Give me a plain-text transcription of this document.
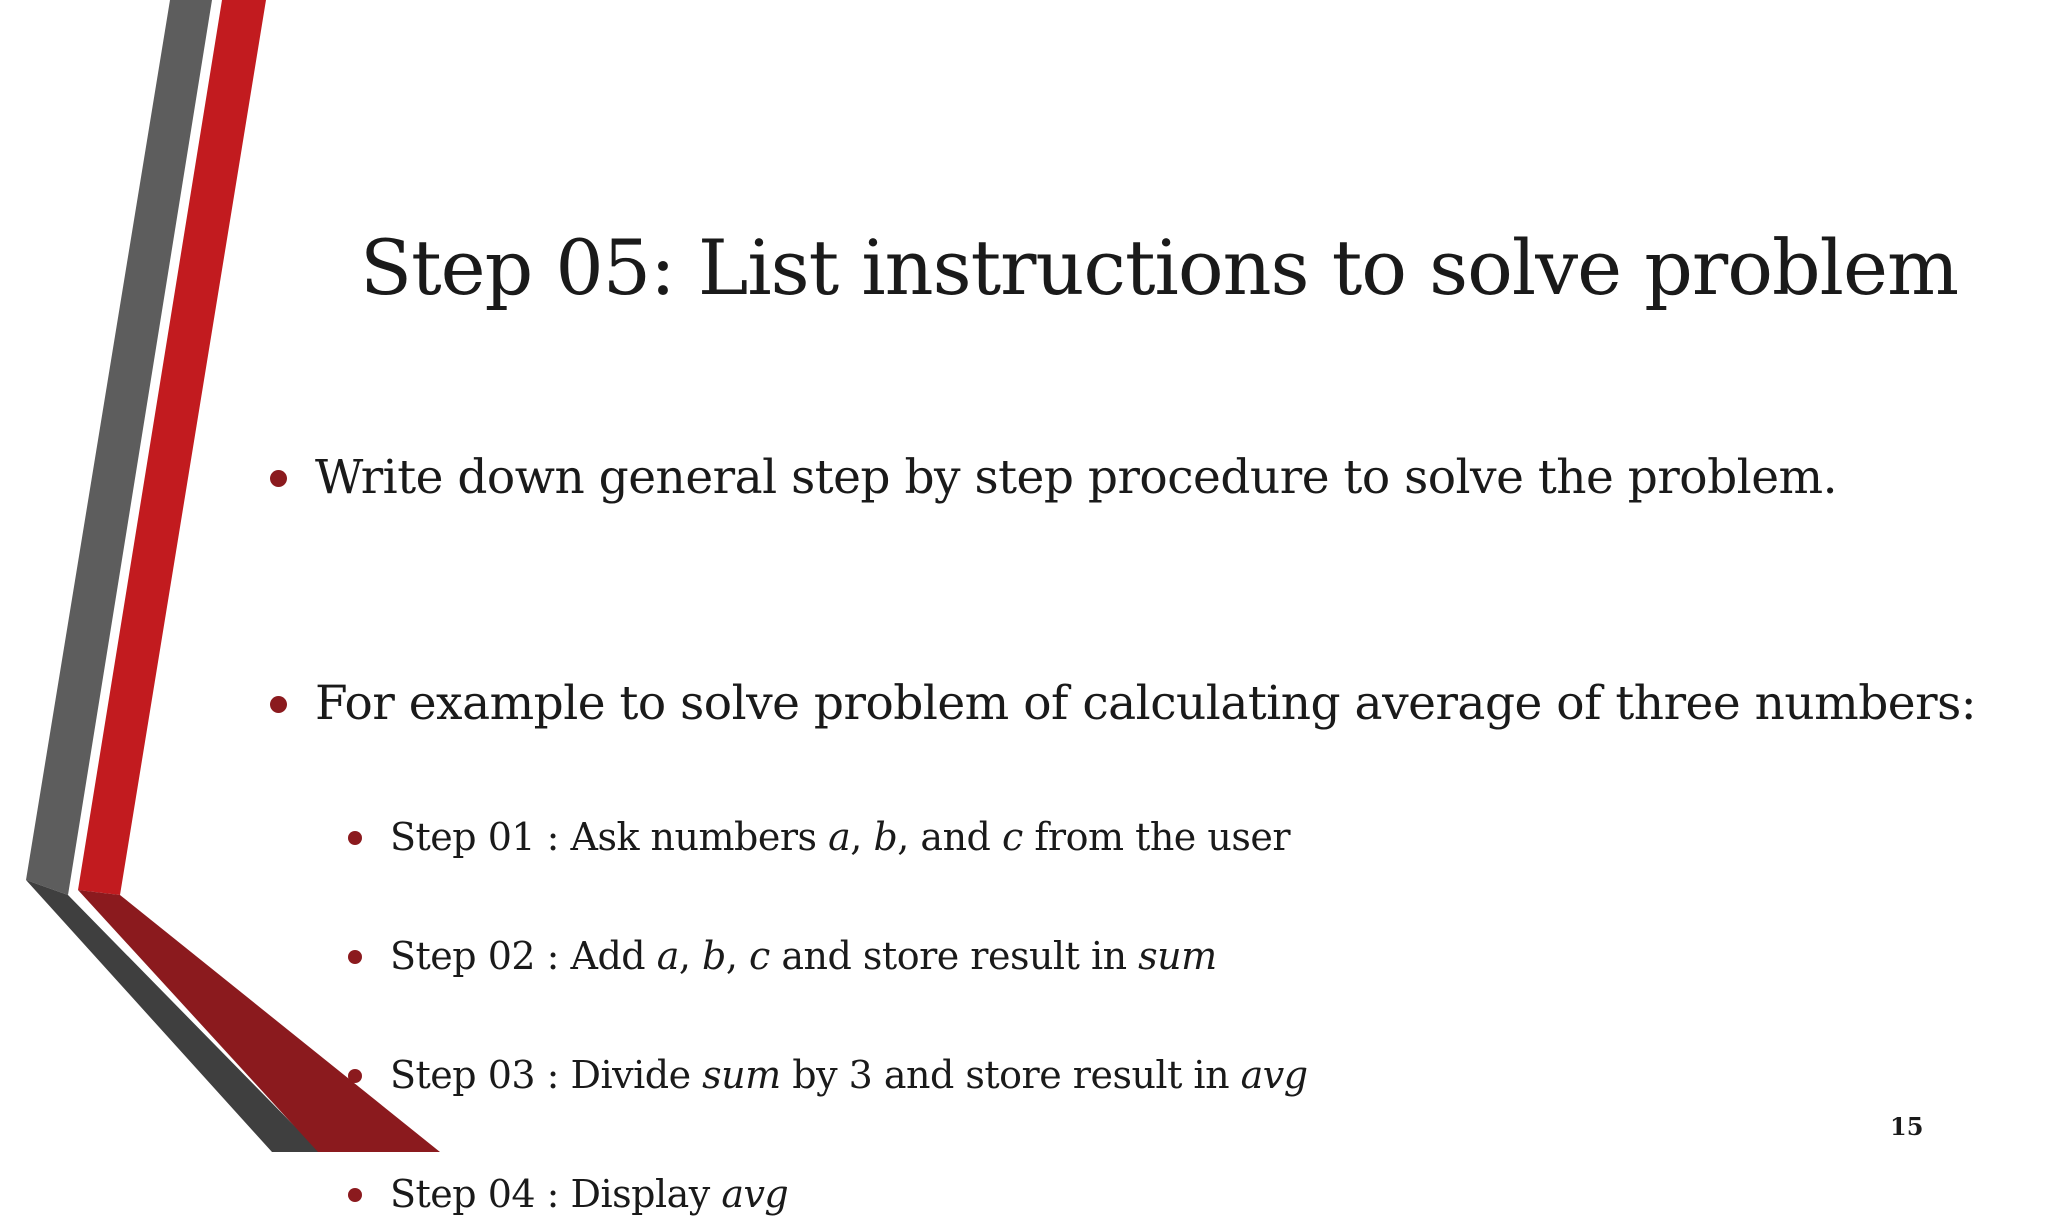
Step 05: List instructions to solve problem
Write down general step by step procedure to solve the problem.
For example to solve problem of calculating average of three numbers:
Step 01 : Ask numbers a, b, and c from the user
Step 02 : Add a, b, c and store result in sum
Step 03 : Divide sum by 3 and store result in avg
Step 04 : Display avg
15
